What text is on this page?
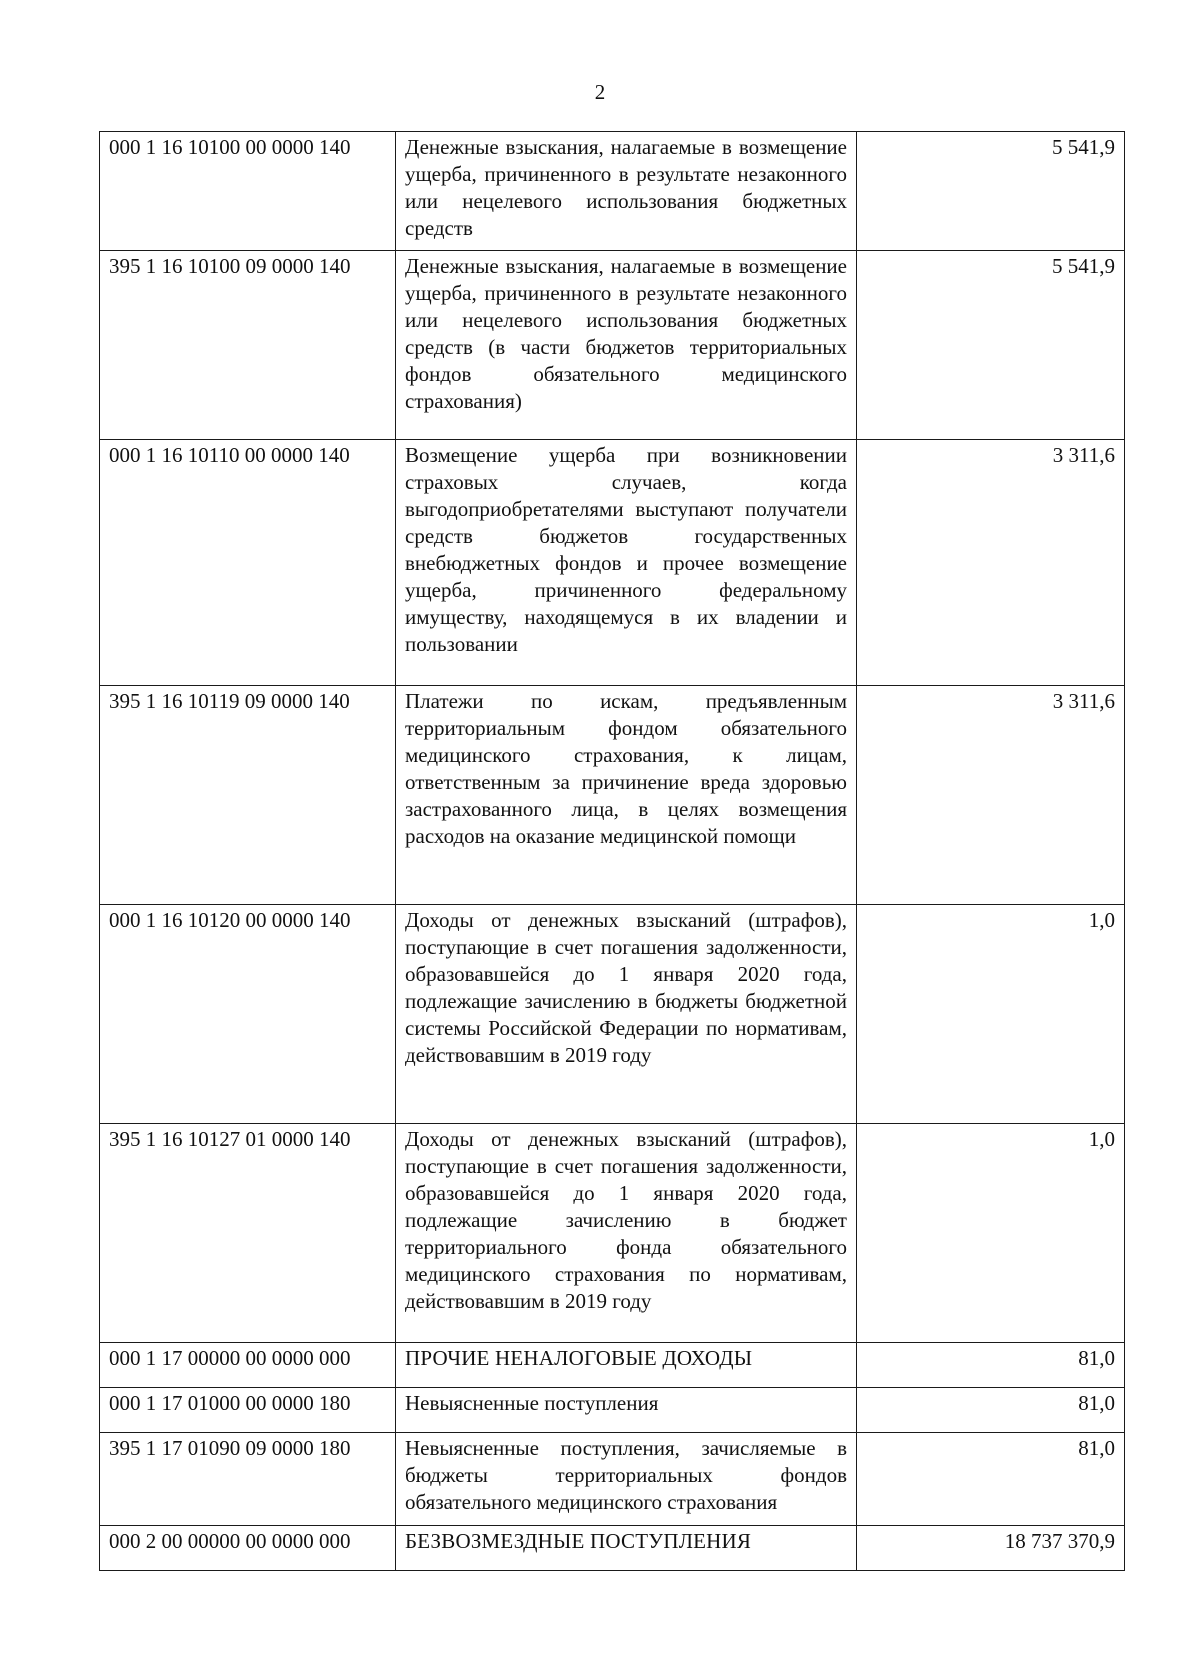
2
000 1 16 10100 00 0000 140	Денежные взыскания, налагаемые в возмещение ущерба, причиненного в результате незаконного или нецелевого использования бюджетных средств	5 541,9
395 1 16 10100 09 0000 140	Денежные взыскания, налагаемые в возмещение ущерба, причиненного в результате незаконного или нецелевого использования бюджетных средств (в части бюджетов территориальных фондов обязательного медицинского страхования)	5 541,9
000 1 16 10110 00 0000 140	Возмещение ущерба при возникновении страховых случаев, когда выгодоприобретателями выступают получатели средств бюджетов государственных внебюджетных фондов и прочее возмещение ущерба, причиненного федеральному имуществу, находящемуся в их владении и пользовании	3 311,6
395 1 16 10119 09 0000 140	Платежи по искам, предъявленным территориальным фондом обязательного медицинского страхования, к лицам, ответственным за причинение вреда здоровью застрахованного лица, в целях возмещения расходов на оказание медицинской помощи	3 311,6
000 1 16 10120 00 0000 140	Доходы от денежных взысканий (штрафов), поступающие в счет погашения задолженности, образовавшейся до 1 января 2020 года, подлежащие зачислению в бюджеты бюджетной системы Российской Федерации по нормативам, действовавшим в 2019 году	1,0
395 1 16 10127 01 0000 140	Доходы от денежных взысканий (штрафов), поступающие в счет погашения задолженности, образовавшейся до 1 января 2020 года, подлежащие зачислению в бюджет территориального фонда обязательного медицинского страхования по нормативам, действовавшим в 2019 году	1,0
000 1 17 00000 00 0000 000	ПРОЧИЕ НЕНАЛОГОВЫЕ ДОХОДЫ	81,0
000 1 17 01000 00 0000 180	Невыясненные поступления	81,0
395 1 17 01090 09 0000 180	Невыясненные поступления, зачисляемые в бюджеты территориальных фондов обязательного медицинского страхования	81,0
000 2 00 00000 00 0000 000	БЕЗВОЗМЕЗДНЫЕ ПОСТУПЛЕНИЯ	18 737 370,9
